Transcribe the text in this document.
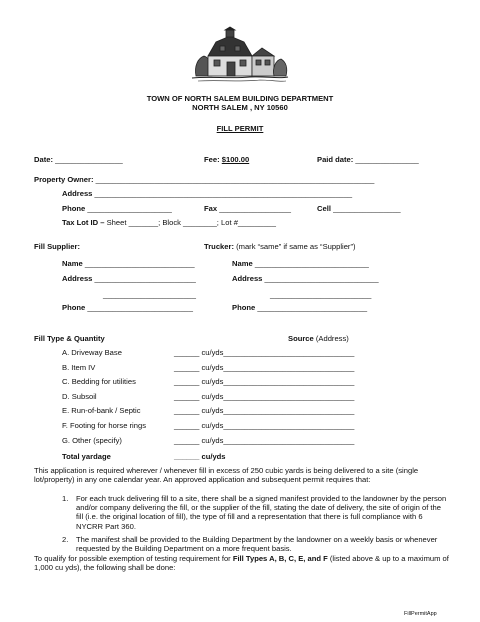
TOWN OF NORTH SALEM BUILDING DEPARTMENT
NORTH SALEM , NY 10560
FILL PERMIT
Date: ________________	Fee: $100.00	Paid date: _______________
Property Owner: __________________________________________________________________
Address _____________________________________________________________
Phone ____________________	Fax _________________	Cell ________________
Tax Lot ID – Sheet _______; Block ________; Lot #_________
Fill Supplier:	Trucker: (mark “same” if same as “Supplier”)
Name __________________________	Name ___________________________
Address ________________________	Address ___________________________
______________________	________________________
Phone _________________________	Phone __________________________
Fill Type & Quantity	Source (Address)
A. Driveway Base	______ cu/yds_______________________________
B. Item IV	______ cu/yds_______________________________
C. Bedding for utilities	______ cu/yds_______________________________
D. Subsoil	______ cu/yds_______________________________
E. Run-of-bank / Septic	______ cu/yds_______________________________
F. Footing for horse rings	______ cu/yds_______________________________
G. Other (specify)	______ cu/yds_______________________________
Total yardage	______ cu/yds
This application is required wherever / whenever fill in excess of 250 cubic yards is being delivered to a site (single lot/property) in any one calendar year. An approved application and subsequent permit requires that:
1. For each truck delivering fill to a site, there shall be a signed manifest provided to the landowner by the person and/or company delivering the fill, or the supplier of the fill, stating the date of delivery, the site of origin of the fill (i.e. the original location of fill), the type of fill and a representation that there is full compliance with 6 NYCRR Part 360.
2. The manifest shall be provided to the Building Department by the landowner on a weekly basis or whenever requested by the Building Department on a more frequent basis.
To qualify for possible exemption of testing requirement for Fill Types A, B, C, E, and F (listed above & up to a maximum of 1,000 cu yds), the following shall be done:
FillPermitApp
